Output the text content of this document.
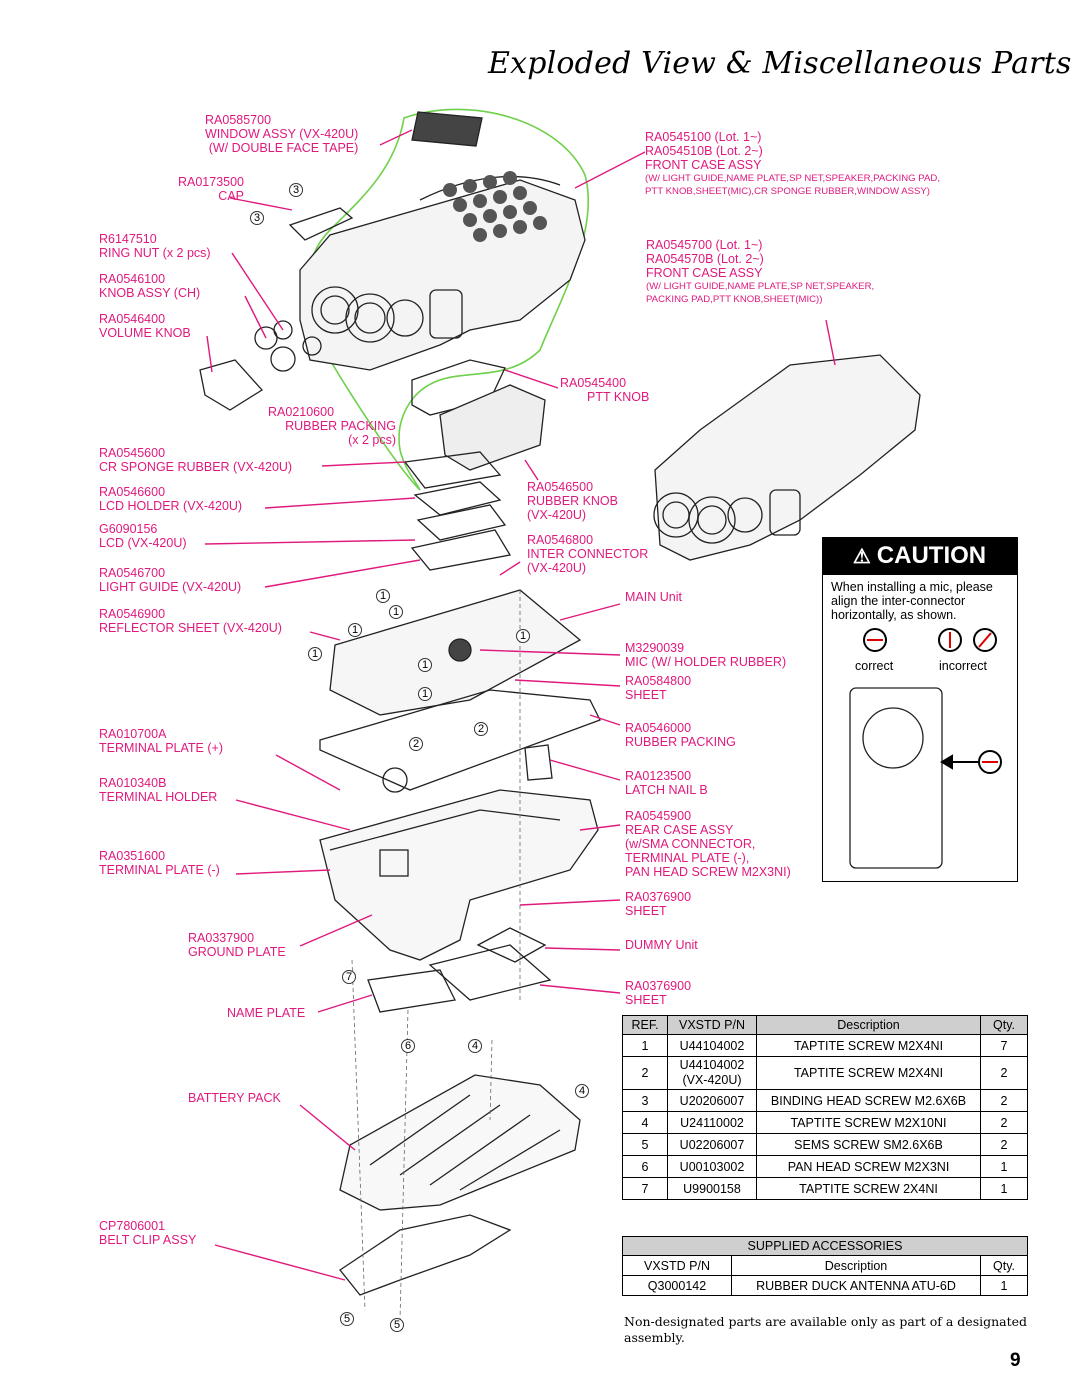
Exploded View & Miscellaneous Parts
RA0585700
WINDOW ASSY (VX-420U)
(W/ DOUBLE FACE TAPE)
RA0173500
CAP
R6147510
RING NUT (x 2 pcs)
RA0546100
KNOB ASSY (CH)
RA0546400
VOLUME KNOB
RA0210600
RUBBER PACKING
(x 2 pcs)
RA0545600
CR SPONGE RUBBER (VX-420U)
RA0546600
LCD HOLDER (VX-420U)
G6090156
LCD (VX-420U)
RA0546700
LIGHT GUIDE (VX-420U)
RA0546900
REFLECTOR SHEET (VX-420U)
RA010700A
TERMINAL PLATE (+)
RA010340B
TERMINAL HOLDER
RA0351600
TERMINAL PLATE (-)
RA0337900
GROUND PLATE
NAME PLATE
BATTERY PACK
CP7806001
BELT CLIP ASSY
RA0545100 (Lot. 1~)
RA054510B (Lot. 2~)
FRONT CASE ASSY
(W/ LIGHT GUIDE,NAME PLATE,SP NET,SPEAKER,PACKING PAD,
PTT KNOB,SHEET(MIC),CR SPONGE RUBBER,WINDOW ASSY)
RA0545700 (Lot. 1~)
RA054570B (Lot. 2~)
FRONT CASE ASSY
(W/ LIGHT GUIDE,NAME PLATE,SP NET,SPEAKER,
PACKING PAD,PTT KNOB,SHEET(MIC))
RA0545400
PTT KNOB
RA0546500
RUBBER KNOB
(VX-420U)
RA0546800
INTER CONNECTOR
(VX-420U)
MAIN Unit
M3290039
MIC (W/ HOLDER RUBBER)
RA0584800
SHEET
RA0546000
RUBBER PACKING
RA0123500
LATCH NAIL B
RA0545900
REAR CASE ASSY
(w/SMA CONNECTOR,
TERMINAL PLATE (-),
PAN HEAD SCREW M2X3NI)
RA0376900
SHEET
DUMMY Unit
RA0376900
SHEET
3
3
1
1
1
1
1
1
1
2
2
7
6	4
4
5	5
⚠ CAUTION
When installing a mic, please align the inter-connector horizontally, as shown.
correct	incorrect
REF.	VXSTD P/N	Description	Qty.
1	U44104002	TAPTITE SCREW M2X4NI	7
2	U44104002 (VX-420U)	TAPTITE SCREW M2X4NI	2
3	U20206007	BINDING HEAD SCREW M2.6X6B	2
4	U24110002	TAPTITE SCREW M2X10NI	2
5	U02206007	SEMS SCREW SM2.6X6B	2
6	U00103002	PAN HEAD SCREW M2X3NI	1
7	U9900158	TAPTITE SCREW 2X4NI	1
SUPPLIED ACCESSORIES		
VXSTD P/N	Description	Qty.
Q3000142	RUBBER DUCK ANTENNA ATU-6D	1
Non-designated parts are available only as part of a designated assembly.
9
